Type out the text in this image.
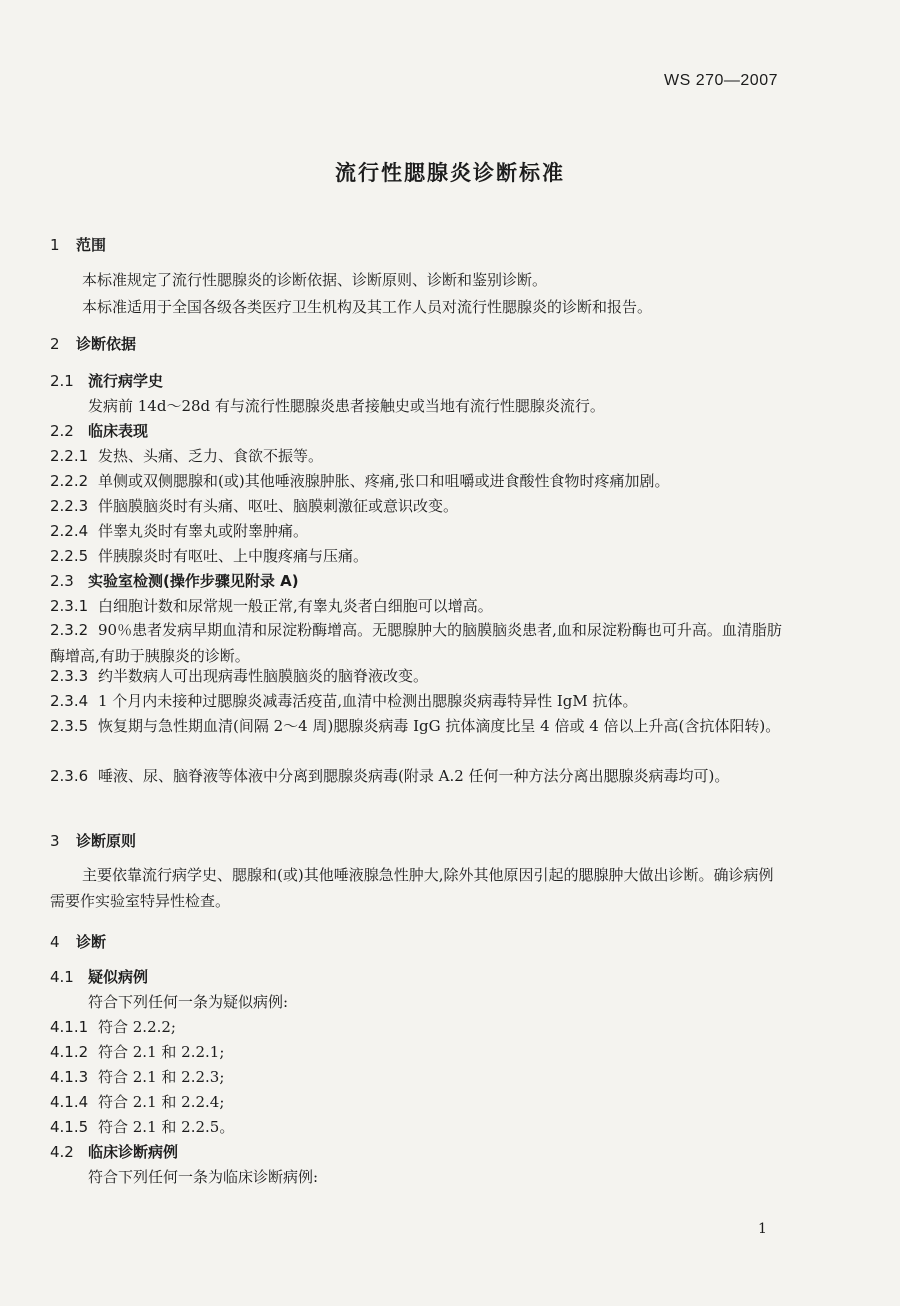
WS 270—2007
流行性腮腺炎诊断标准
1 范围
本标准规定了流行性腮腺炎的诊断依据、诊断原则、诊断和鉴别诊断。
本标准适用于全国各级各类医疗卫生机构及其工作人员对流行性腮腺炎的诊断和报告。
2 诊断依据
2.1 流行病学史
发病前 14d～28d 有与流行性腮腺炎患者接触史或当地有流行性腮腺炎流行。
2.2 临床表现
2.2.1 发热、头痛、乏力、食欲不振等。
2.2.2 单侧或双侧腮腺和(或)其他唾液腺肿胀、疼痛,张口和咀嚼或进食酸性食物时疼痛加剧。
2.2.3 伴脑膜脑炎时有头痛、呕吐、脑膜刺激征或意识改变。
2.2.4 伴睾丸炎时有睾丸或附睾肿痛。
2.2.5 伴胰腺炎时有呕吐、上中腹疼痛与压痛。
2.3 实验室检测(操作步骤见附录 A)
2.3.1 白细胞计数和尿常规一般正常,有睾丸炎者白细胞可以增高。
2.3.2 90％患者发病早期血清和尿淀粉酶增高。无腮腺肿大的脑膜脑炎患者,血和尿淀粉酶也可升高。血清脂肪酶增高,有助于胰腺炎的诊断。
2.3.3 约半数病人可出现病毒性脑膜脑炎的脑脊液改变。
2.3.4 1 个月内未接种过腮腺炎减毒活疫苗,血清中检测出腮腺炎病毒特异性 IgM 抗体。
2.3.5 恢复期与急性期血清(间隔 2～4 周)腮腺炎病毒 IgG 抗体滴度比呈 4 倍或 4 倍以上升高(含抗体阳转)。
2.3.6 唾液、尿、脑脊液等体液中分离到腮腺炎病毒(附录 A.2 任何一种方法分离出腮腺炎病毒均可)。
3 诊断原则
主要依靠流行病学史、腮腺和(或)其他唾液腺急性肿大,除外其他原因引起的腮腺肿大做出诊断。确诊病例需要作实验室特异性检查。
4 诊断
4.1 疑似病例
符合下列任何一条为疑似病例:
4.1.1 符合 2.2.2;
4.1.2 符合 2.1 和 2.2.1;
4.1.3 符合 2.1 和 2.2.3;
4.1.4 符合 2.1 和 2.2.4;
4.1.5 符合 2.1 和 2.2.5。
4.2 临床诊断病例
符合下列任何一条为临床诊断病例:
1
